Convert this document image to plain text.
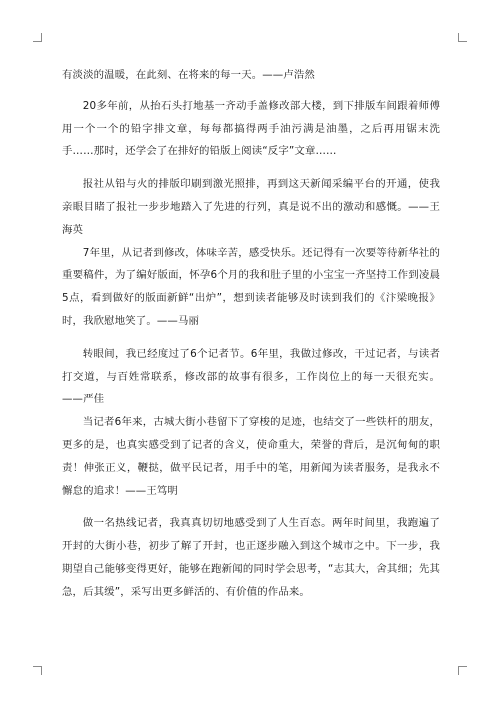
有淡淡的温暖，在此刻、在将来的每一天。——卢浩然

20多年前，从抬石头打地基一齐动手盖修改部大楼，到下排版车间跟着师傅用一个一个的铅字排文章，每每都搞得两手油污满是油墨，之后再用锯末洗手……那时，还学会了在排好的铅版上阅读“反字”文章……

报社从铅与火的排版印刷到激光照排，再到这天新闻采编平台的开通，使我亲眼目睹了报社一步步地踏入了先进的行列，真是说不出的激动和感慨。——王海英

7年里，从记者到修改，体味辛苦，感受快乐。还记得有一次要等待新华社的重要稿件，为了编好版面，怀孕6个月的我和肚子里的小宝宝一齐坚持工作到凌晨5点，看到做好的版面新鲜“出炉”，想到读者能够及时读到我们的《汴梁晚报》时，我欣慰地笑了。——马丽

转眼间，我已经度过了6个记者节。6年里，我做过修改，干过记者，与读者打交道，与百姓常联系，修改部的故事有很多，工作岗位上的每一天很充实。——严佳

当记者6年来，古城大街小巷留下了穿梭的足迹，也结交了一些铁杆的朋友，更多的是，也真实感受到了记者的含义，使命重大，荣誉的背后，是沉甸甸的职责！伸张正义，鞭挞，做平民记者，用手中的笔，用新闻为读者服务，是我永不懈怠的追求！——王笃明

做一名热线记者，我真真切切地感受到了人生百态。两年时间里，我跑遍了开封的大街小巷，初步了解了开封，也正逐步融入到这个城市之中。下一步，我期望自己能够变得更好，能够在跑新闻的同时学会思考，“志其大，舍其细；先其急，后其缓”，采写出更多鲜活的、有价值的作品来。
